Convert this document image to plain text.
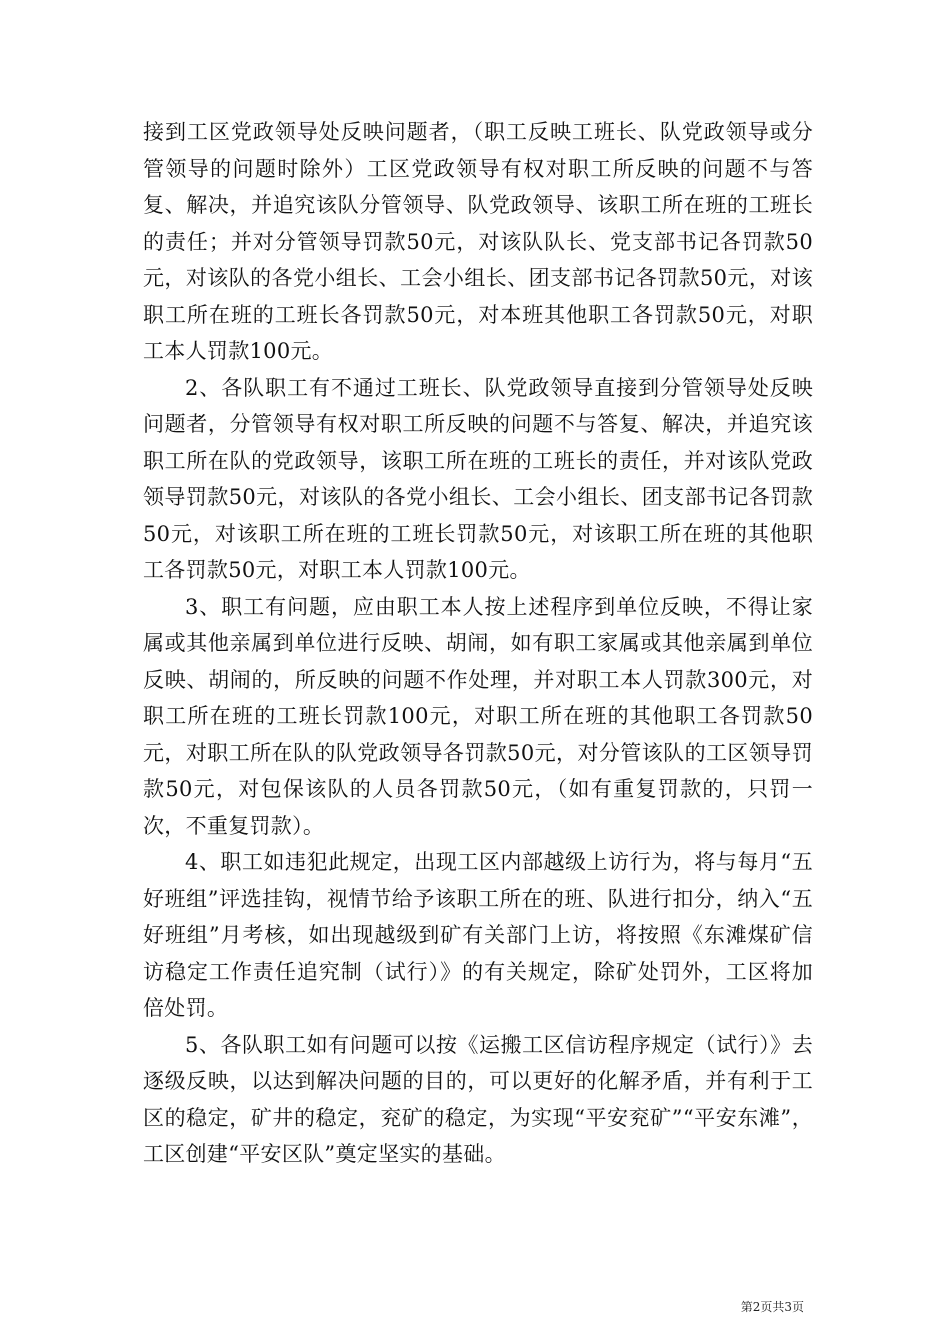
接到工区党政领导处反映问题者，（职工反映工班长、队党政领导或分管领导的问题时除外）工区党政领导有权对职工所反映的问题不与答复、解决，并追究该队分管领导、队党政领导、该职工所在班的工班长的责任；并对分管领导罚款50元，对该队队长、党支部书记各罚款50元，对该队的各党小组长、工会小组长、团支部书记各罚款50元，对该职工所在班的工班长各罚款50元，对本班其他职工各罚款50元，对职工本人罚款100元。

2、各队职工有不通过工班长、队党政领导直接到分管领导处反映问题者，分管领导有权对职工所反映的问题不与答复、解决，并追究该职工所在队的党政领导，该职工所在班的工班长的责任，并对该队党政领导罚款50元，对该队的各党小组长、工会小组长、团支部书记各罚款50元，对该职工所在班的工班长罚款50元，对该职工所在班的其他职工各罚款50元，对职工本人罚款100元。

3、职工有问题，应由职工本人按上述程序到单位反映，不得让家属或其他亲属到单位进行反映、胡闹，如有职工家属或其他亲属到单位反映、胡闹的，所反映的问题不作处理，并对职工本人罚款300元，对职工所在班的工班长罚款100元，对职工所在班的其他职工各罚款50元，对职工所在队的队党政领导各罚款50元，对分管该队的工区领导罚款50元，对包保该队的人员各罚款50元，（如有重复罚款的，只罚一次，不重复罚款）。

4、职工如违犯此规定，出现工区内部越级上访行为，将与每月“五好班组”评选挂钩，视情节给予该职工所在的班、队进行扣分，纳入“五好班组”月考核，如出现越级到矿有关部门上访，将按照《东滩煤矿信访稳定工作责任追究制（试行）》的有关规定，除矿处罚外，工区将加倍处罚。

5、各队职工如有问题可以按《运搬工区信访程序规定（试行）》去逐级反映，以达到解决问题的目的，可以更好的化解矛盾，并有利于工区的稳定，矿井的稳定，兖矿的稳定，为实现“平安兖矿”“平安东滩”，工区创建“平安区队”奠定坚实的基础。

第2页共3页
